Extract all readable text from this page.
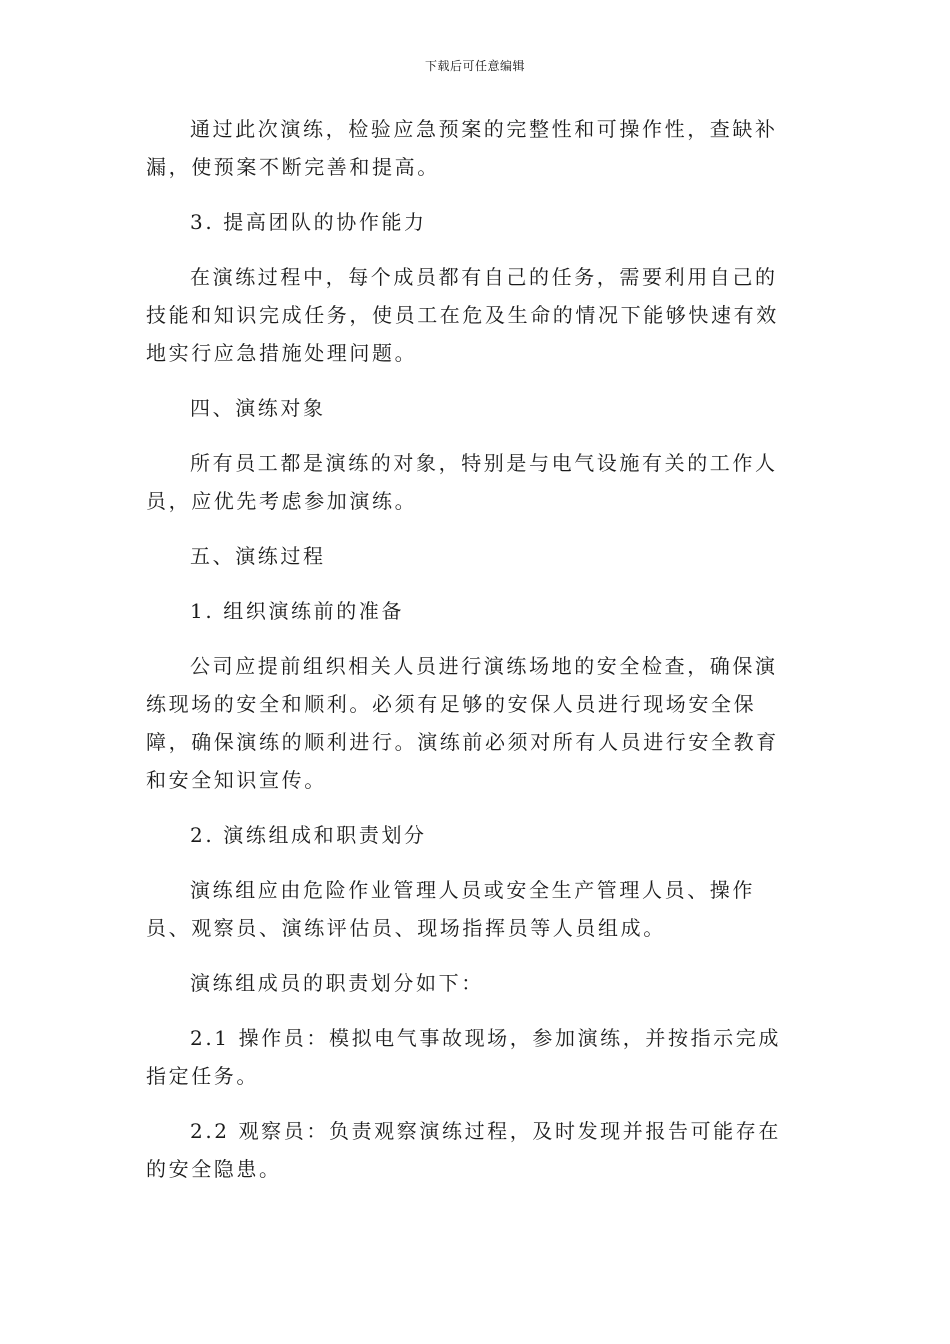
下载后可任意编辑

通过此次演练，检验应急预案的完整性和可操作性，查缺补漏，使预案不断完善和提高。

3. 提高团队的协作能力

在演练过程中，每个成员都有自己的任务，需要利用自己的技能和知识完成任务，使员工在危及生命的情况下能够快速有效地实行应急措施处理问题。

四、演练对象

所有员工都是演练的对象，特别是与电气设施有关的工作人员，应优先考虑参加演练。

五、演练过程

1. 组织演练前的准备

公司应提前组织相关人员进行演练场地的安全检查，确保演练现场的安全和顺利。必须有足够的安保人员进行现场安全保障，确保演练的顺利进行。演练前必须对所有人员进行安全教育和安全知识宣传。

2. 演练组成和职责划分

演练组应由危险作业管理人员或安全生产管理人员、操作员、观察员、演练评估员、现场指挥员等人员组成。

演练组成员的职责划分如下：

2.1 操作员：模拟电气事故现场，参加演练，并按指示完成指定任务。

2.2 观察员：负责观察演练过程，及时发现并报告可能存在的安全隐患。
